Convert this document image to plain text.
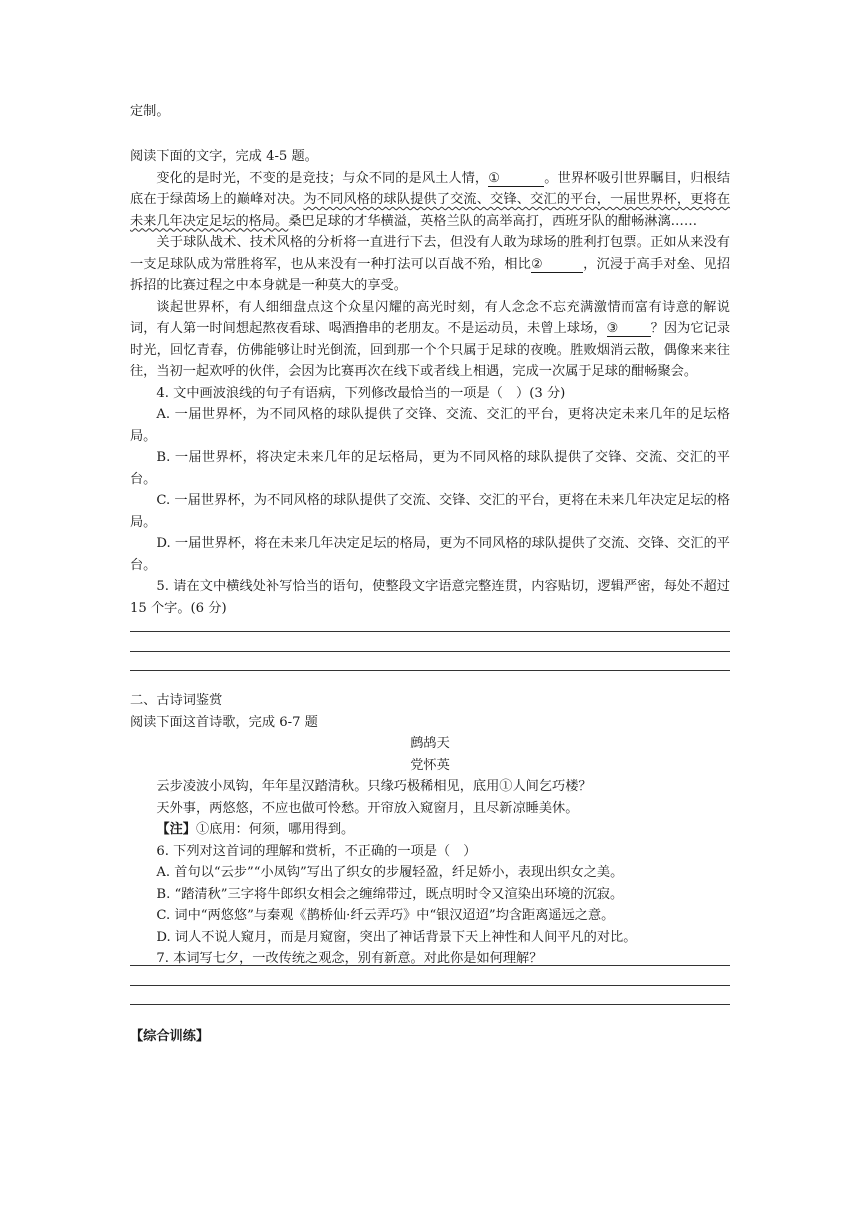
定制。

阅读下面的文字，完成 4-5 题。

变化的是时光，不变的是竞技；与众不同的是风土人情，①	。世界杯吸引世界瞩目，归根结底在于绿茵场上的巅峰对决。为不同风格的球队提供了交流、交锋、交汇的平台，一届世界杯，更将在未来几年决定足坛的格局。桑巴足球的才华横溢，英格兰队的高举高打，西班牙队的酣畅淋漓……

关于球队战术、技术风格的分析将一直进行下去，但没有人敢为球场的胜利打包票。正如从来没有一支足球队成为常胜将军，也从来没有一种打法可以百战不殆，相比②	，沉浸于高手对垒、见招拆招的比赛过程之中本身就是一种莫大的享受。

谈起世界杯，有人细细盘点这个众星闪耀的高光时刻，有人念念不忘充满激情而富有诗意的解说词，有人第一时间想起熬夜看球、喝酒撸串的老朋友。不是运动员，未曾上球场，③ ？因为它记录时光，回忆青春，仿佛能够让时光倒流，回到那一个个只属于足球的夜晚。胜败烟消云散，偶像来来往往，当初一起欢呼的伙伴，会因为比赛再次在线下或者线上相遇，完成一次属于足球的酣畅聚会。

4. 文中画波浪线的句子有语病，下列修改最恰当的一项是（　）(3 分)

A. 一届世界杯，为不同风格的球队提供了交锋、交流、交汇的平台，更将决定未来几年的足坛格局。

B. 一届世界杯，将决定未来几年的足坛格局，更为不同风格的球队提供了交锋、交流、交汇的平台。

C. 一届世界杯，为不同风格的球队提供了交流、交锋、交汇的平台，更将在未来几年决定足坛的格局。

D. 一届世界杯，将在未来几年决定足坛的格局，更为不同风格的球队提供了交流、交锋、交汇的平台。

5. 请在文中横线处补写恰当的语句，使整段文字语意完整连贯，内容贴切，逻辑严密，每处不超过 15 个字。(6 分)

二、古诗词鉴赏

阅读下面这首诗歌，完成 6-7 题

鹧鸪天

党怀英

云步凌波小凤钩，年年星汉踏清秋。只缘巧极稀相见，底用①人间乞巧楼？

天外事，两悠悠，不应也做可怜愁。开帘放入窥窗月，且尽新凉睡美休。

【注】①底用：何须，哪用得到。

6. 下列对这首词的理解和赏析，不正确的一项是（　）

A. 首句以“云步”“小凤钩”写出了织女的步履轻盈，纤足娇小，表现出织女之美。

B. “踏清秋”三字将牛郎织女相会之缠绵带过，既点明时令又渲染出环境的沉寂。

C. 词中“两悠悠”与秦观《鹊桥仙·纤云弄巧》中“银汉迢迢”均含距离遥远之意。

D. 词人不说人窥月，而是月窥窗，突出了神话背景下天上神性和人间平凡的对比。

7. 本词写七夕，一改传统之观念，别有新意。对此你是如何理解？

【综合训练】
